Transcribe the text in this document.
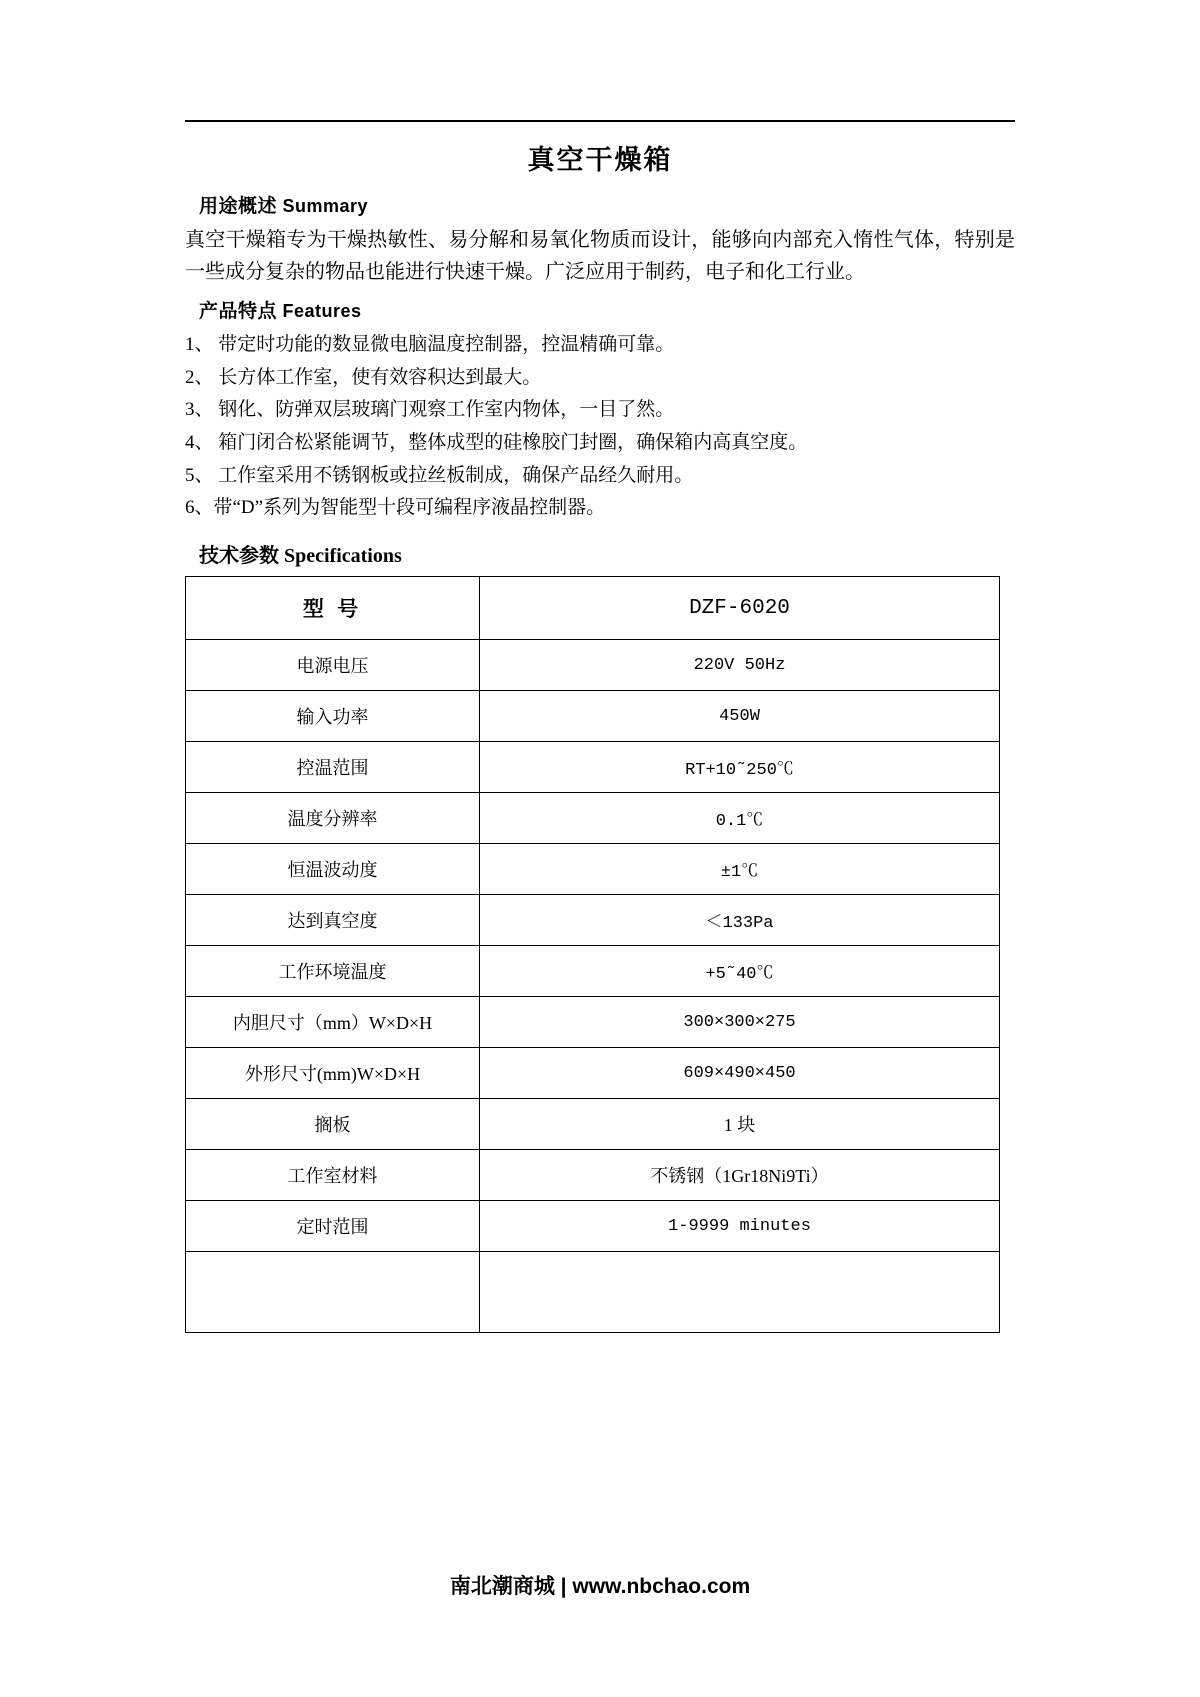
真空干燥箱
用途概述 Summary

真空干燥箱专为干燥热敏性、易分解和易氧化物质而设计，能够向内部充入惰性气体，特别是一些成分复杂的物品也能进行快速干燥。广泛应用于制药，电子和化工行业。

产品特点 Features
1、 带定时功能的数显微电脑温度控制器，控温精确可靠。
2、 长方体工作室，使有效容积达到最大。
3、 钢化、防弹双层玻璃门观察工作室内物体，一目了然。
4、 箱门闭合松紧能调节，整体成型的硅橡胶门封圈，确保箱内高真空度。
5、 工作室采用不锈钢板或拉丝板制成，确保产品经久耐用。
6、带“D”系列为智能型十段可编程序液晶控制器。
技术参数 Specifications
型 号	DZF-6020
电源电压	220V 50Hz
输入功率	450W
控温范围	RT+10˜250℃
温度分辨率	0.1℃
恒温波动度	±1℃
达到真空度	＜133Pa
工作环境温度	+5˜40℃
内胆尺寸（mm）W×D×H	300×300×275
外形尺寸(mm)W×D×H	609×490×450
搁板	1 块
工作室材料	不锈钢（1Gr18Ni9Ti）
定时范围	1-9999 minutes

南北潮商城 | www.nbchao.com
